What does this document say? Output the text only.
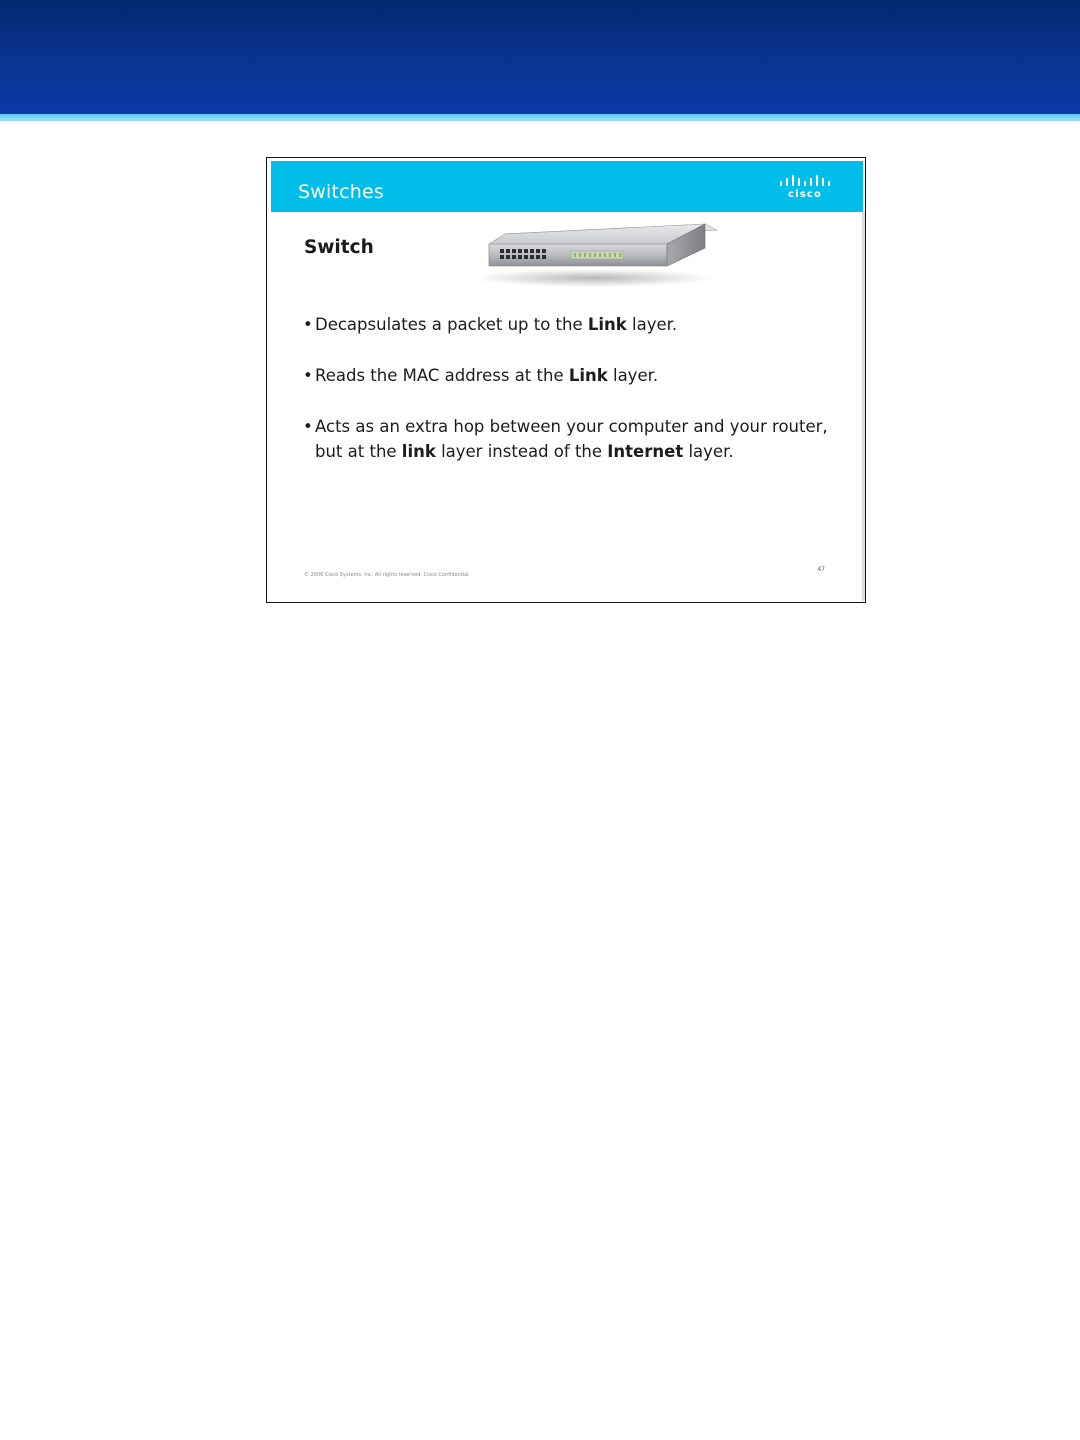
Switches	cisco
Switch
• Decapsulates a packet up to the Link layer.
• Reads the MAC address at the Link layer.
• Acts as an extra hop between your computer and your router, but at the link layer instead of the Internet layer.
© 2006 Cisco Systems, Inc. All rights reserved. Cisco Confidential
47
